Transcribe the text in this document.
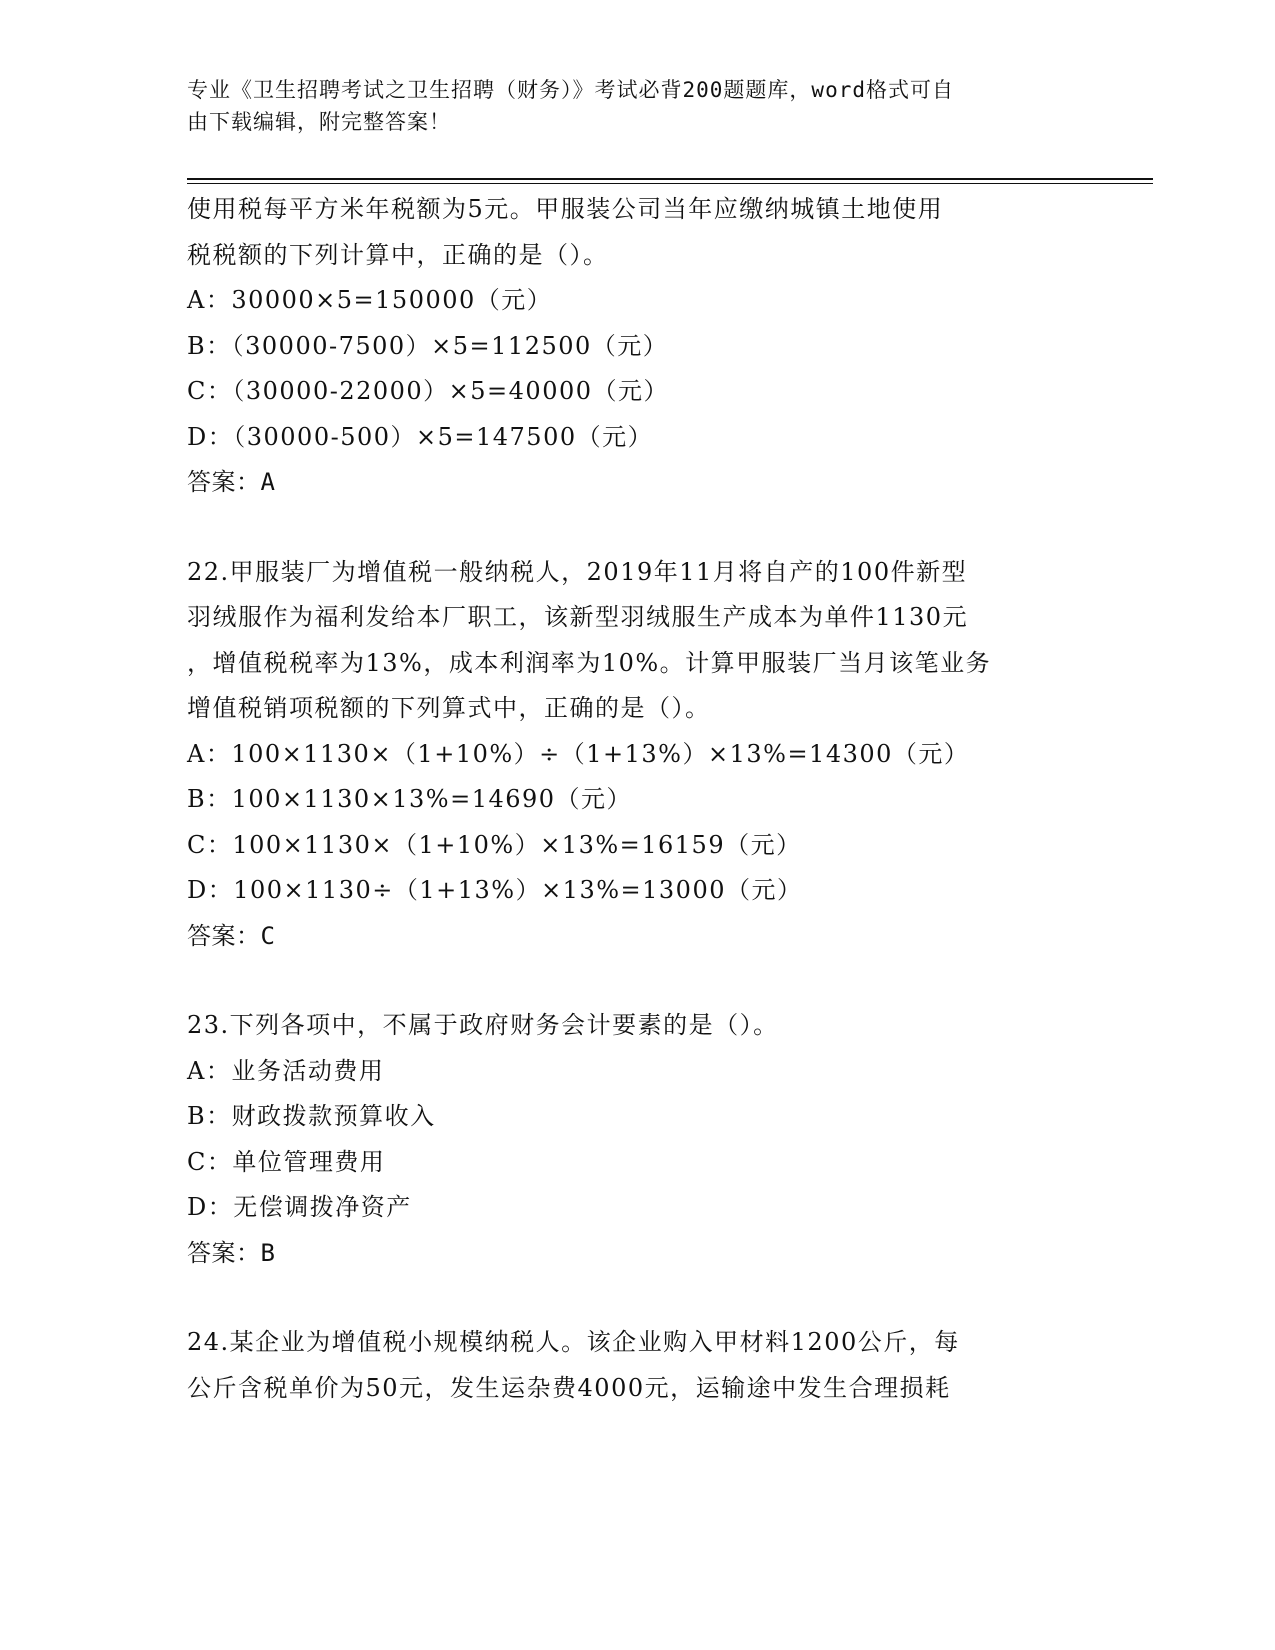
专业《卫生招聘考试之卫生招聘（财务）》考试必背200题题库，word格式可自
由下载编辑，附完整答案！
使用税每平方米年税额为5元。甲服装公司当年应缴纳城镇土地使用
税税额的下列计算中，正确的是（）。
A：30000×5=150000（元）
B：（30000-7500）×5=112500（元）
C：（30000-22000）×5=40000（元）
D：（30000-500）×5=147500（元）
答案：A
22.甲服装厂为增值税一般纳税人，2019年11月将自产的100件新型
羽绒服作为福利发给本厂职工，该新型羽绒服生产成本为单件1130元
，增值税税率为13%，成本利润率为10%。计算甲服装厂当月该笔业务
增值税销项税额的下列算式中，正确的是（）。
A：100×1130×（1+10%）÷（1+13%）×13%=14300（元）
B：100×1130×13%=14690（元）
C：100×1130×（1+10%）×13%=16159（元）
D：100×1130÷（1+13%）×13%=13000（元）
答案：C
23.下列各项中，不属于政府财务会计要素的是（）。
A：业务活动费用
B：财政拨款预算收入
C：单位管理费用
D：无偿调拨净资产
答案：B
24.某企业为增值税小规模纳税人。该企业购入甲材料1200公斤，每
公斤含税单价为50元，发生运杂费4000元，运输途中发生合理损耗
